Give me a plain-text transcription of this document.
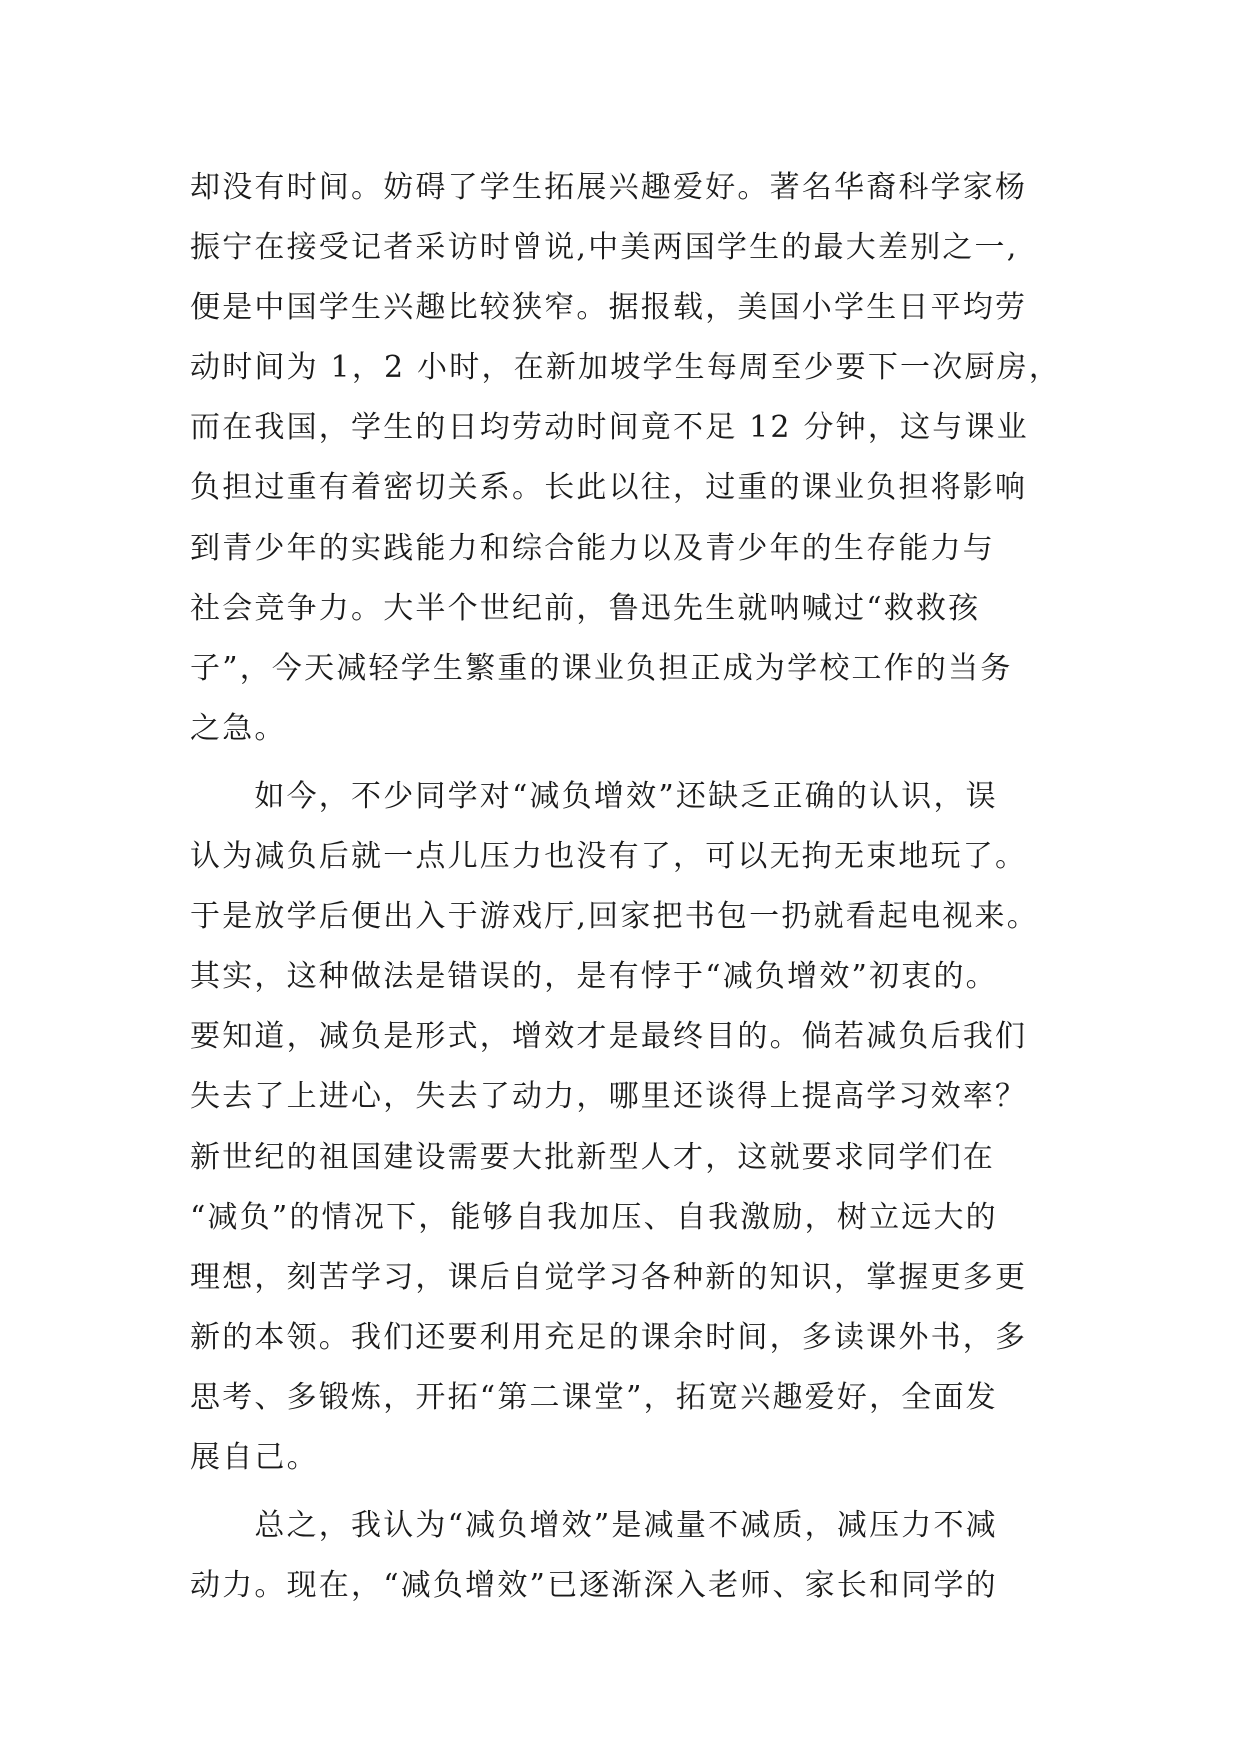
却没有时间。妨碍了学生拓展兴趣爱好。著名华裔科学家杨
振宁在接受记者采访时曾说,中美两国学生的最大差别之一,
便是中国学生兴趣比较狭窄。据报载，美国小学生日平均劳
动时间为 1，2 小时，在新加坡学生每周至少要下一次厨房，
而在我国，学生的日均劳动时间竟不足 12 分钟，这与课业
负担过重有着密切关系。长此以往，过重的课业负担将影响
到青少年的实践能力和综合能力以及青少年的生存能力与
社会竞争力。大半个世纪前，鲁迅先生就呐喊过“救救孩
子”，今天减轻学生繁重的课业负担正成为学校工作的当务
之急。
　　如今，不少同学对“减负增效”还缺乏正确的认识，误
认为减负后就一点儿压力也没有了，可以无拘无束地玩了。
于是放学后便出入于游戏厅,回家把书包一扔就看起电视来。
其实，这种做法是错误的，是有悖于“减负增效”初衷的。
要知道，减负是形式，增效才是最终目的。倘若减负后我们
失去了上进心，失去了动力，哪里还谈得上提高学习效率？
新世纪的祖国建设需要大批新型人才，这就要求同学们在
“减负”的情况下，能够自我加压、自我激励，树立远大的
理想，刻苦学习，课后自觉学习各种新的知识，掌握更多更
新的本领。我们还要利用充足的课余时间，多读课外书，多
思考、多锻炼，开拓“第二课堂”，拓宽兴趣爱好，全面发
展自己。
　　总之，我认为“减负增效”是减量不减质，减压力不减
动力。现在，“减负增效”已逐渐深入老师、家长和同学的
